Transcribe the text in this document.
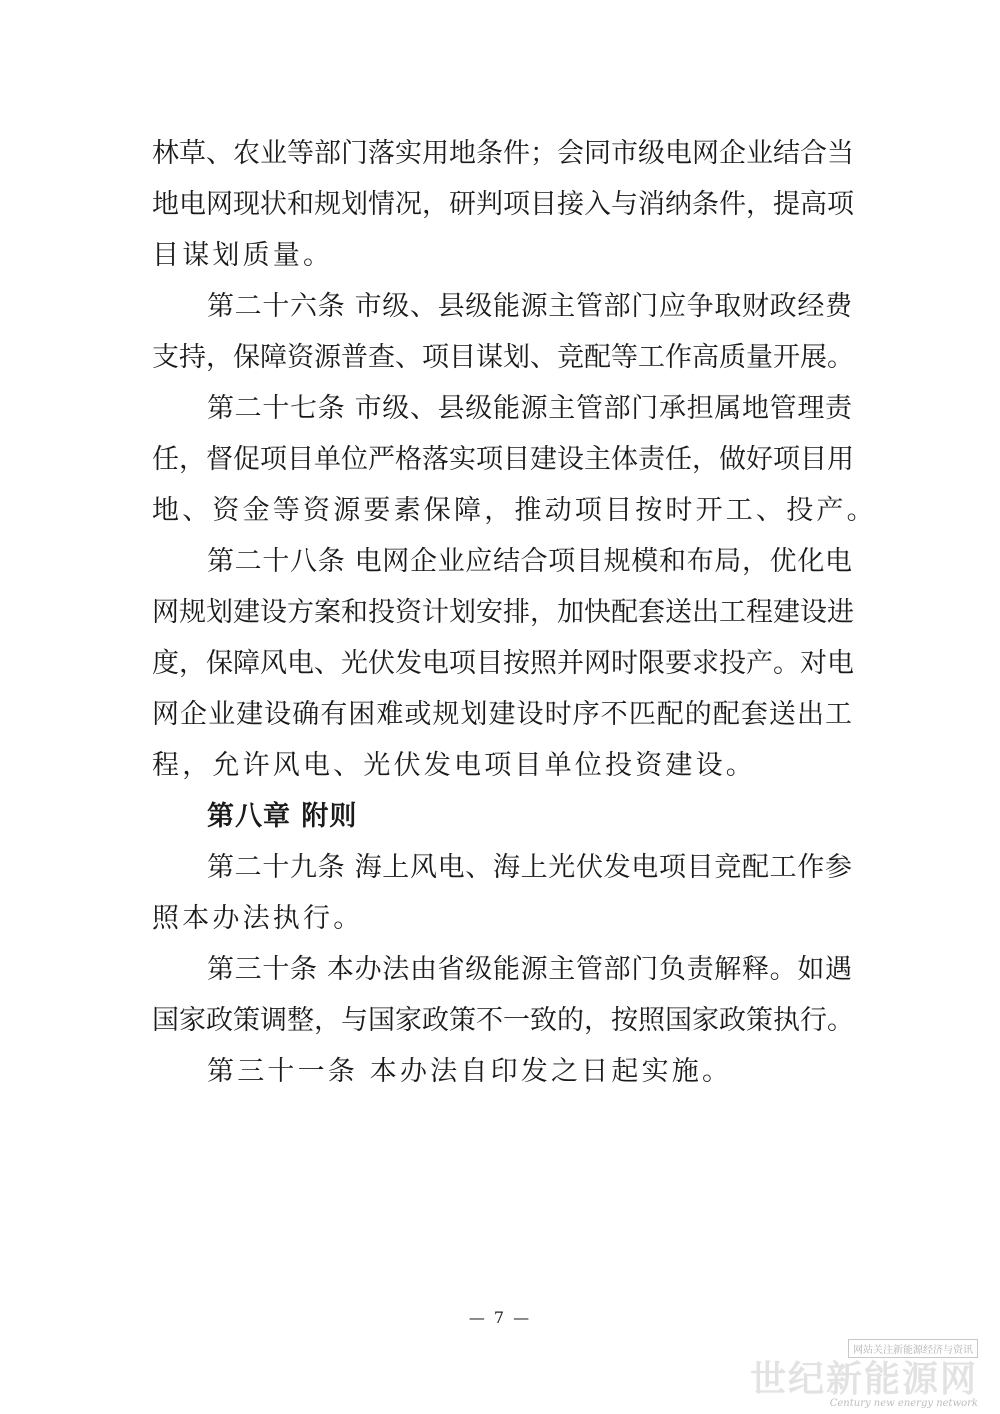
林草、农业等部门落实用地条件；会同市级电网企业结合当
地电网现状和规划情况，研判项目接入与消纳条件，提高项
目谋划质量。
第二十六条 市级、县级能源主管部门应争取财政经费
支持，保障资源普查、项目谋划、竞配等工作高质量开展。
第二十七条 市级、县级能源主管部门承担属地管理责
任，督促项目单位严格落实项目建设主体责任，做好项目用
地、资金等资源要素保障，推动项目按时开工、投产。
第二十八条 电网企业应结合项目规模和布局，优化电
网规划建设方案和投资计划安排，加快配套送出工程建设进
度，保障风电、光伏发电项目按照并网时限要求投产。对电
网企业建设确有困难或规划建设时序不匹配的配套送出工
程，允许风电、光伏发电项目单位投资建设。
第八章 附则
第二十九条 海上风电、海上光伏发电项目竞配工作参
照本办法执行。
第三十条 本办法由省级能源主管部门负责解释。如遇
国家政策调整，与国家政策不一致的，按照国家政策执行。
第三十一条 本办法自印发之日起实施。
— 7 —
网站关注新能源经济与资讯
世纪新能源网
Century new energy network
